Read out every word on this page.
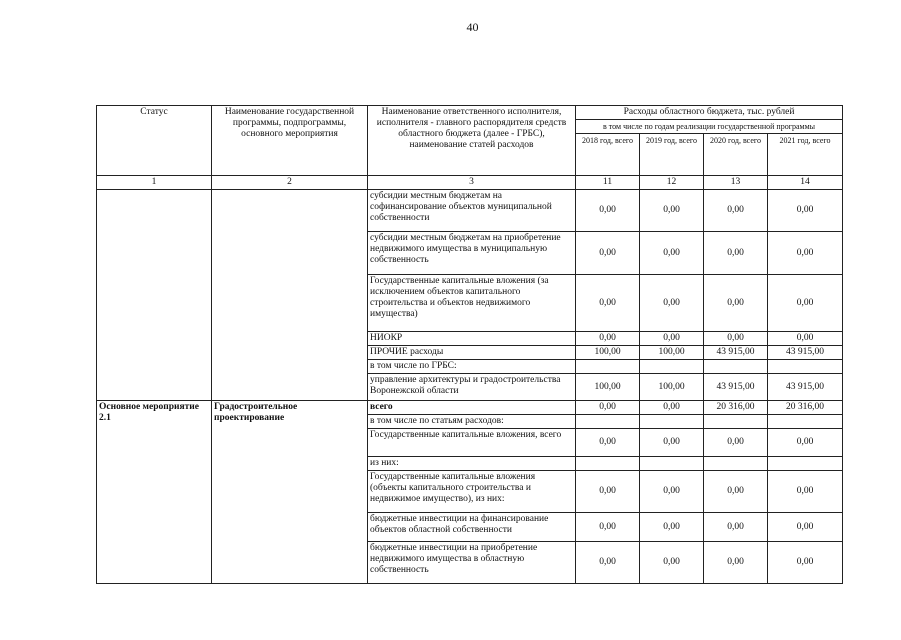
40
Статус	Наименование государственной программы, подпрограммы, основного мероприятия	Наименование ответственного исполнителя, исполнителя - главного распорядителя средств областного бюджета (далее - ГРБС), наименование статей расходов	Расходы областного бюджета, тыс. рублей			
			в том числе по годам реализации государственной программы			
			2018 год, всего	2019 год, всего	2020 год, всего	2021 год, всего
1	2	3	11	12	13	14
		субсидии местным бюджетам на софинансирование объектов муниципальной собственности	0,00	0,00	0,00	0,00
		субсидии местным бюджетам на приобретение недвижимого имущества в муниципальную собственность	0,00	0,00	0,00	0,00
		Государственные капитальные вложения (за исключением объектов капитального строительства и объектов недвижимого имущества)	0,00	0,00	0,00	0,00
		НИОКР	0,00	0,00	0,00	0,00
		ПРОЧИЕ расходы	100,00	100,00	43 915,00	43 915,00
		в том числе по ГРБС:				
		управление архитектуры и градостроительства Воронежской области	100,00	100,00	43 915,00	43 915,00
Основное мероприятие 2.1	Градостроительное проектирование	всего	0,00	0,00	20 316,00	20 316,00
		в том числе по статьям расходов:				
		Государственные капитальные вложения, всего	0,00	0,00	0,00	0,00
		из них:				
		Государственные капитальные вложения (объекты капитального строительства и недвижимое имущество), из них:	0,00	0,00	0,00	0,00
		бюджетные инвестиции на финансирование объектов областной собственности	0,00	0,00	0,00	0,00
		бюджетные инвестиции на приобретение недвижимого имущества в областную собственность	0,00	0,00	0,00	0,00
